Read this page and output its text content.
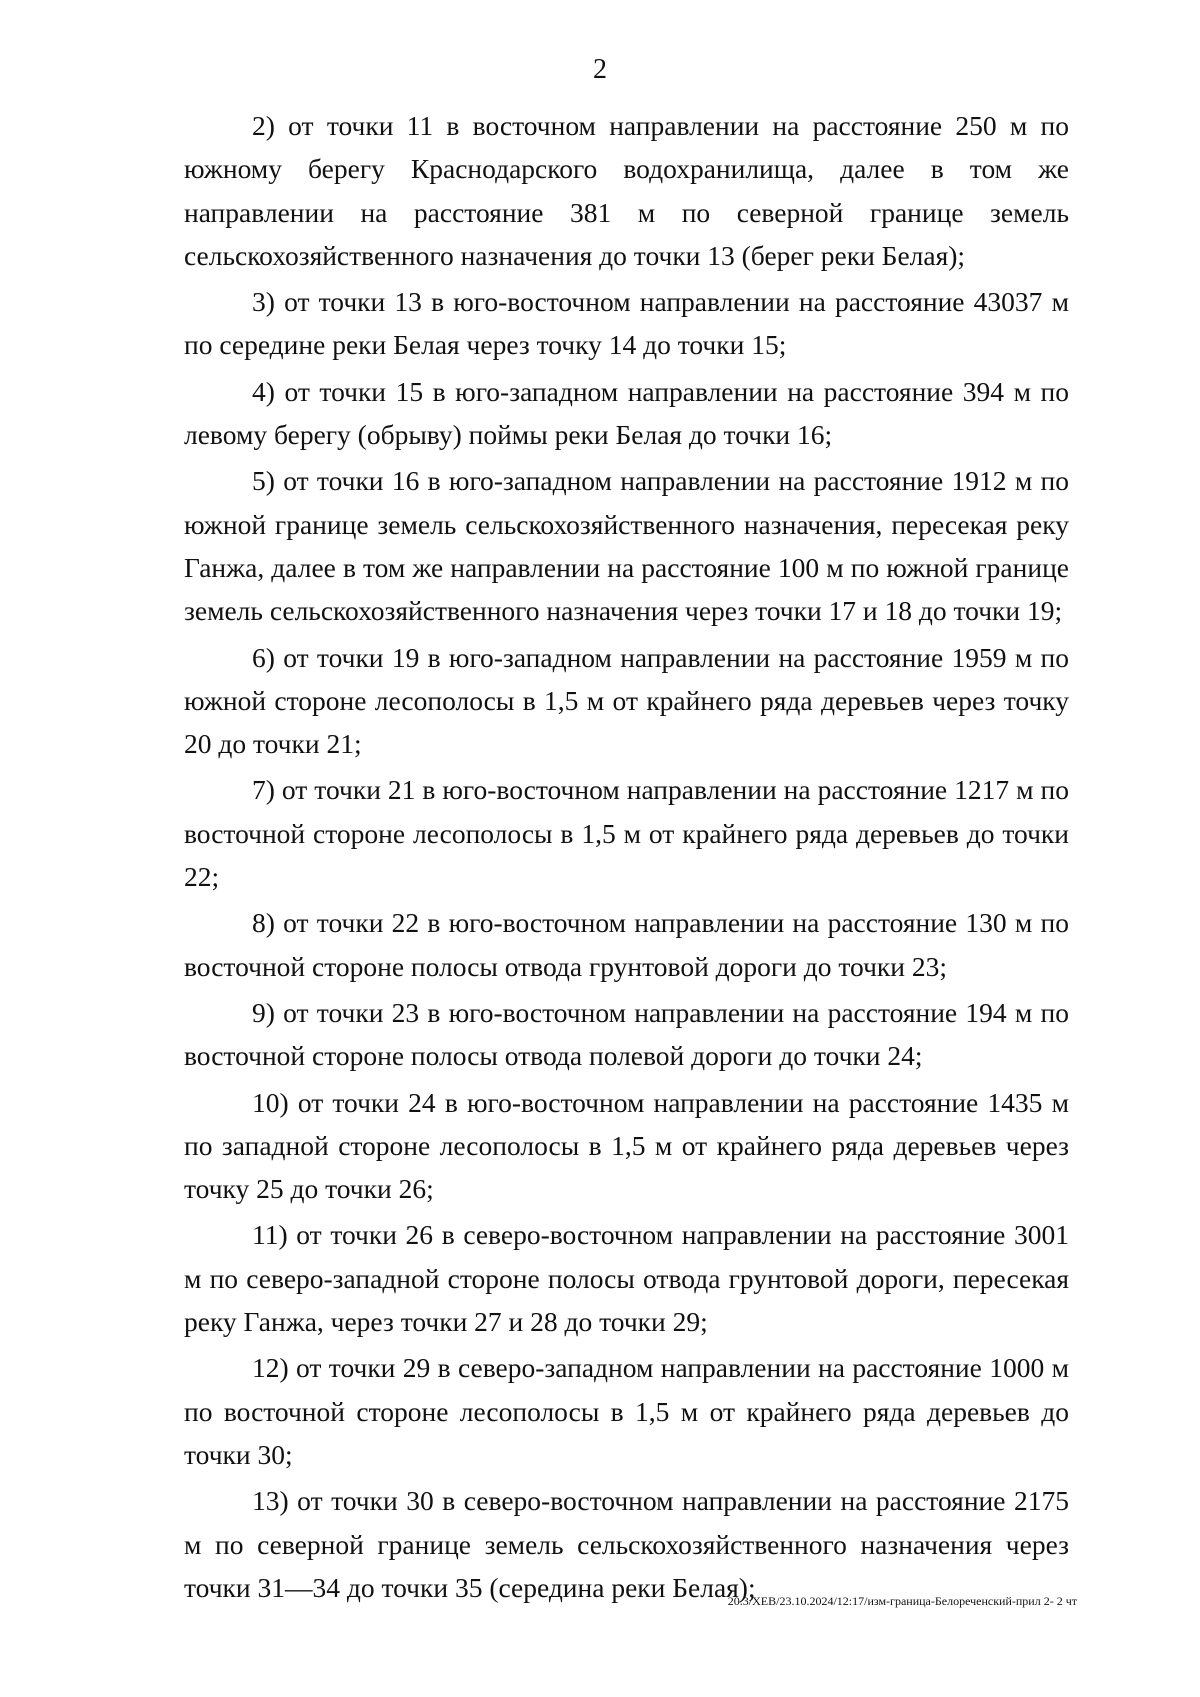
2

2) от точки 11 в восточном направлении на расстояние 250 м по южному берегу Краснодарского водохранилища, далее в том же направлении на расстояние 381 м по северной границе земель сельскохозяйственного назначения до точки 13 (берег реки Белая);

3) от точки 13 в юго-восточном направлении на расстояние 43037 м по середине реки Белая через точку 14 до точки 15;

4) от точки 15 в юго-западном направлении на расстояние 394 м по левому берегу (обрыву) поймы реки Белая до точки 16;

5) от точки 16 в юго-западном направлении на расстояние 1912 м по южной границе земель сельскохозяйственного назначения, пересекая реку Ганжа, далее в том же направлении на расстояние 100 м по южной границе земель сельскохозяйственного назначения через точки 17 и 18 до точки 19;

6) от точки 19 в юго-западном направлении на расстояние 1959 м по южной стороне лесополосы в 1,5 м от крайнего ряда деревьев через точку 20 до точки 21;

7) от точки 21 в юго-восточном направлении на расстояние 1217 м по восточной стороне лесополосы в 1,5 м от крайнего ряда деревьев до точки 22;

8) от точки 22 в юго-восточном направлении на расстояние 130 м по восточной стороне полосы отвода грунтовой дороги до точки 23;

9) от точки 23 в юго-восточном направлении на расстояние 194 м по восточной стороне полосы отвода полевой дороги до точки 24;

10) от точки 24 в юго-восточном направлении на расстояние 1435 м по западной стороне лесополосы в 1,5 м от крайнего ряда деревьев через точку 25 до точки 26;

11) от точки 26 в северо-восточном направлении на расстояние 3001 м по северо-западной стороне полосы отвода грунтовой дороги, пересекая реку Ганжа, через точки 27 и 28 до точки 29;

12) от точки 29 в северо-западном направлении на расстояние 1000 м по восточной стороне лесополосы в 1,5 м от крайнего ряда деревьев до точки 30;

13) от точки 30 в северо-восточном направлении на расстояние 2175 м по северной границе земель сельскохозяйственного назначения через точки 31—34 до точки 35 (середина реки Белая);

20.3/ХЕВ/23.10.2024/12:17/изм-граница-Белореченский-прил 2- 2 чт
